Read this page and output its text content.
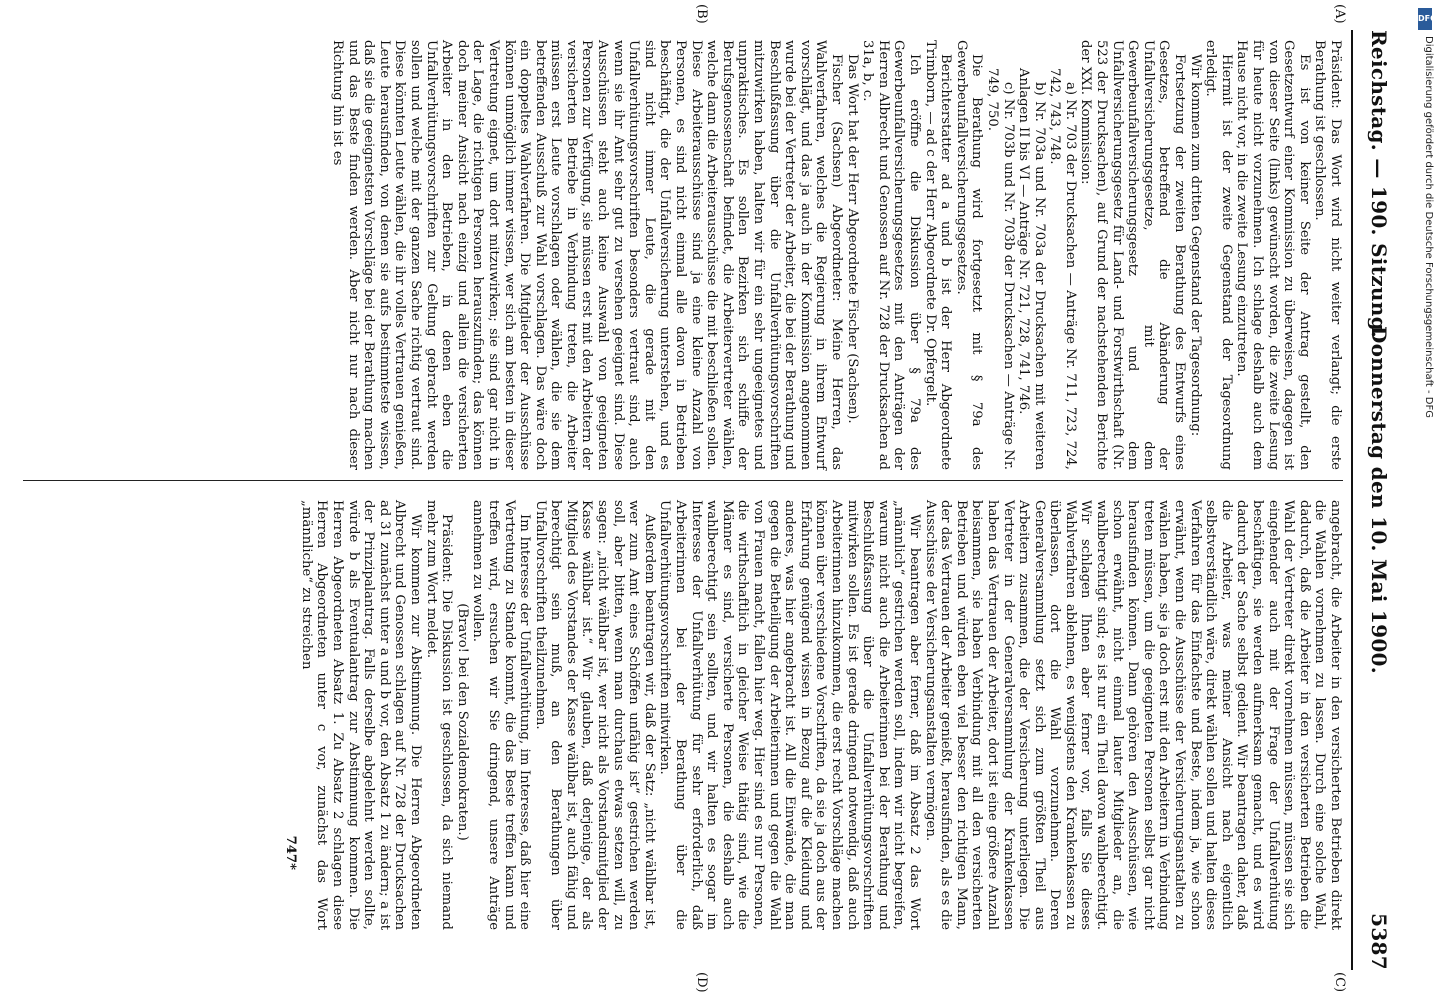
Reichstag. — 190. Sitzung.
Donnerstag den 10. Mai 1900.
5387
(A)
(B)
(C)
(D)

Präsident: Das Wort wird nicht weiter verlangt; die erste Berathung ist geschlossen.

Es ist von keiner Seite der Antrag gestellt, den Gesetzentwurf einer Kommission zu überweisen, dagegen ist von dieser Seite (links) gewünscht worden, die zweite Lesung für heute nicht vorzunehmen. Ich schlage deshalb auch dem Hause nicht vor, in die zweite Lesung einzutreten.

Hiermit ist der zweite Gegenstand der Tagesordnung erledigt.

Wir kommen zum dritten Gegenstand der Tagesordnung:

Fortsetzung der zweiten Berathung des Entwurfs eines Gesetzes, betreffend die Abänderung der Unfallversicherungsgesetze, mit dem Gewerbeunfallversicherungsgesetz und dem Unfallversicherungsgesetz für Land- und Forstwirthschaft (Nr. 523 der Drucksachen), auf Grund der nachstehenden Berichte der XXI. Kommission:

a) Nr. 703 der Drucksachen — Anträge Nr. 711, 723, 724, 742, 743, 748.

b) Nr. 703a und Nr. 703a der Drucksachen mit weiteren Anlagen II bis VI — Anträge Nr. 721, 728, 741, 746.

c) Nr. 703b und Nr. 703b der Drucksachen — Anträge Nr. 749, 750.

Die Berathung wird fortgesetzt mit § 79a des Gewerbeunfallversicherungsgesetzes.

Berichterstatter ad a und b ist der Herr Abgeordnete Trimborn, — ad c der Herr Abgeordnete Dr. Opfergelt.

Ich eröffne die Diskussion über § 79a des Gewerbeunfallversicherungsgesetzes mit den Anträgen der Herren Albrecht und Genossen auf Nr. 728 der Drucksachen ad 31a, b, c.

Das Wort hat der Herr Abgeordnete Fischer (Sachsen).

Fischer (Sachsen) Abgeordneter: Meine Herren, das Wahlverfahren, welches die Regierung in ihrem Entwurf vorschlägt, und das ja auch in der Kommission angenommen wurde bei der Vertreter der Arbeiter, die bei der Berathung und Beschlußfassung über die Unfallverhütungsvorschriften mitzuwirken haben, halten wir für ein sehr ungeeignetes und unpraktisches. Es sollen Bezirken sich schiffe der Berufsgenossenschaft befindet, die Arbeitervertreter wählen, welche dann die Arbeiterausschüsse die mit beschließen sollen. Diese Arbeiterausschüsse sind ja eine kleine Anzahl von Personen, es sind nicht einmal alle davon in Betrieben beschäftigt, die der Unfallversicherung unterstehen, und es sind nicht immer Leute, die gerade mit den Unfallverhütungsvorschriften besonders vertraut sind, auch wenn sie ihr Amt sehr gut zu versehen geeignet sind. Diese Ausschüssen steht auch keine Auswahl von geeigneten Personen zur Verfügung, sie müssen erst mit den Arbeitern der versicherten Betriebe in Verbindung treten, die Arbeiter müssen erst Leute vorschlagen oder wählen, die sie dem betreffenden Ausschuß zur Wahl vorschlagen. Das wäre doch ein doppeltes Wahlverfahren. Die Mitglieder der Ausschüsse können unmöglich immer wissen, wer sich am besten in dieser Vertretung eignet, um dort mitzuwirken; sie sind gar nicht in der Lage, die richtigen Personen herauszufinden; das können doch meiner Ansicht nach einzig und allein die versicherten Arbeiter in den Betrieben, in denen eben die Unfallverhütungsvorschriften zur Geltung gebracht werden sollen und welche mit der ganzen Sache richtig vertraut sind. Diese könnten Leute wählen, die ihr volles Vertrauen genießen, Leute herausfinden, von denen sie aufs bestimmteste wissen, daß sie die geeignetsten Vorschläge bei der Berathung machen und das Beste finden werden. Aber nicht nur nach dieser Richtung hin ist es

angebracht, die Arbeiter in den versicherten Betrieben direkt die Wahlen vornehmen zu lassen. Durch eine solche Wahl, dadurch, daß die Arbeiter in den versicherten Betrieben die Wahl der Vertreter direkt vornehmen müssen, müssen sie sich eingehender auch mit der Frage der Unfallverhütung beschäftigen, sie werden aufmerksam gemacht, und es wird dadurch der Sache selbst gedient. Wir beantragen daher, daß die Arbeiter, was meiner Ansicht nach eigentlich selbstverständlich wäre, direkt wählen sollen und halten dieses Verfahren für das Einfachste und Beste, indem ja, wie schon erwähnt, wenn die Ausschüsse der Versicherungsanstalten zu wählen haben, sie ja doch erst mit den Arbeitern in Verbindung treten müssen, um die geeigneten Personen selbst gar nicht herausfinden können. Dann gehören den Ausschüssen, wie schon erwähnt, nicht einmal lauter Mitglieder an, die wahlberechtigt sind; es ist nur ein Theil davon wahlberechtigt. Wir schlagen Ihnen aber ferner vor, falls Sie dieses Wahlverfahren ablehnen, es wenigstens den Krankenkassen zu überlassen, dort die Wahl vorzunehmen. Deren Generalversammlung setzt sich zum größten Theil aus Arbeitern zusammen, die der Versicherung unterliegen. Die Vertreter in der Generalversammlung der Krankenkassen haben das Vertrauen der Arbeiter, dort ist eine größere Anzahl beisammen, sie haben Verbindung mit all den versicherten Betrieben und würden eben viel besser den richtigen Mann, der das Vertrauen der Arbeiter genießt, herausfinden, als es die Ausschüsse der Versicherungsanstalten vermögen.

Wir beantragen aber ferner, daß im Absatz 2 das Wort „männlich“ gestrichen werden soll, indem wir nicht begreifen, warum nicht auch die Arbeiterinnen bei der Berathung und Beschlußfassung über die Unfallverhütungsvorschriften mitwirken sollen. Es ist gerade dringend notwendig, daß auch Arbeiterinnen hinzukommen, die erst recht Vorschläge machen können über verschiedene Vorschriften, da sie ja doch aus der Erfahrung genügend wissen in Bezug auf die Kleidung und anderes, was hier angebracht ist. All die Einwände, die man gegen die Betheiligung der Arbeiterinnen und gegen die Wahl von Frauen macht, fallen hier weg. Hier sind es nur Personen, die wirthschaftlich in gleicher Weise thätig sind, wie die Männer es sind, versicherte Personen, die deshalb auch wahlberechtigt sein sollten, und wir halten es sogar im Interesse der Unfallverhütung für sehr erforderlich, daß Arbeiterinnen bei der Berathung über die Unfallverhütungsvorschriften mitwirken.

Außerdem beantragen wir, daß der Satz: „nicht wählbar ist, wer zum Amt eines Schöffen unfähig ist“ gestrichen werden soll, aber bitten, wenn man durchaus etwas setzen will, zu sagen: „nicht wählbar ist, wer nicht als Vorstandsmitglied der Kasse wählbar ist.“ Wir glauben, daß derjenige, der als Mitglied des Vorstandes der Kasse wählbar ist, auch fähig und berechtigt sein muß, an den Berathungen über Unfallvorschriften theilzunehmen.

Im Interesse der Unfallverhütung, im Interesse, daß hier eine Vertretung zu Stande kommt, die das Beste treffen kann und treffen wird, ersuchen wir Sie dringend, unsere Anträge annehmen zu wollen.

(Bravo! bei den Sozialdemokraten.)

Präsident: Die Diskussion ist geschlossen, da sich niemand mehr zum Wort meldet.

Wir kommen zur Abstimmung. Die Herren Abgeordneten Albrecht und Genossen schlagen auf Nr. 728 der Drucksachen ad 31 zunächst unter a und b vor, den Absatz 1 zu ändern; a ist der Prinzipalantrag. Falls derselbe abgelehnt werden sollte, würde b als Eventualantrag zur Abstimmung kommen. Die Herren Abgeordneten Absatz 1. Zu Absatz 2 schlagen diese Herren Abgeordneten unter c vor, zunächst das Wort „männliche“ zu streichen

747*

DFG
Digitalisierung gefördert durch die Deutsche Forschungsgemeinschaft - DFG
